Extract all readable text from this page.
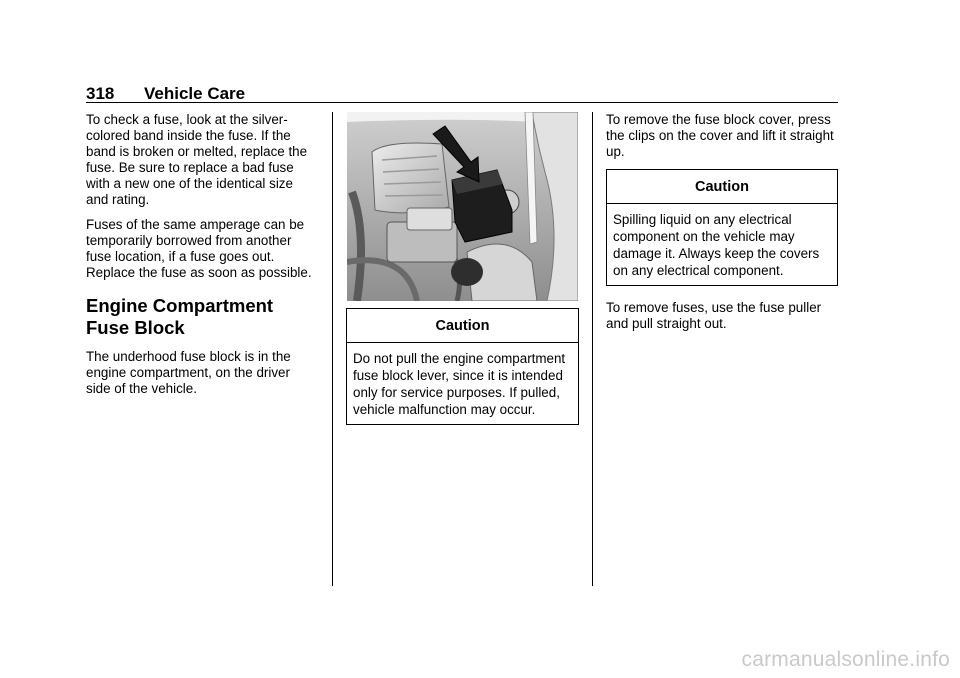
318 Vehicle Care

To check a fuse, look at the silver-colored band inside the fuse. If the band is broken or melted, replace the fuse. Be sure to replace a bad fuse with a new one of the identical size and rating.

Fuses of the same amperage can be temporarily borrowed from another fuse location, if a fuse goes out. Replace the fuse as soon as possible.

Engine Compartment Fuse Block

The underhood fuse block is in the engine compartment, on the driver side of the vehicle.

Caution
Do not pull the engine compartment fuse block lever, since it is intended only for service purposes. If pulled, vehicle malfunction may occur.

To remove the fuse block cover, press the clips on the cover and lift it straight up.

Caution
Spilling liquid on any electrical component on the vehicle may damage it. Always keep the covers on any electrical component.

To remove fuses, use the fuse puller and pull straight out.

carmanualsonline.info
